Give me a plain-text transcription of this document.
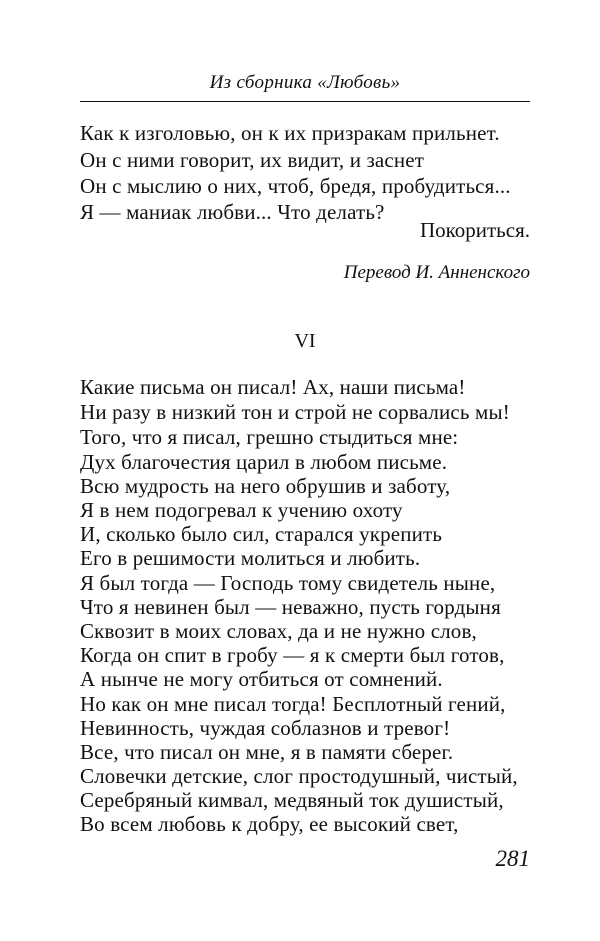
Из сборника «Любовь»
Как к изголовью, он к их призракам прильнет.
Он с ними говорит, их видит, и заснет
Он с мыслию о них, чтоб, бредя, пробудиться...
Я — маниак любви... Что делать?
Покориться.
Перевод И. Анненского
VI
Какие письма он писал! Ах, наши письма!
Ни разу в низкий тон и строй не сорвались мы!
Того, что я писал, грешно стыдиться мне:
Дух благочестия царил в любом письме.
Всю мудрость на него обрушив и заботу,
Я в нем подогревал к учению охоту
И, сколько было сил, старался укрепить
Его в решимости молиться и любить.
Я был тогда — Господь тому свидетель ныне,
Что я невинен был — неважно, пусть гордыня
Сквозит в моих словах, да и не нужно слов,
Когда он спит в гробу — я к смерти был готов,
А нынче не могу отбиться от сомнений.
Но как он мне писал тогда! Бесплотный гений,
Невинность, чуждая соблазнов и тревог!
Все, что писал он мне, я в памяти сберег.
Словечки детские, слог простодушный, чистый,
Серебряный кимвал, медвяный ток душистый,
Во всем любовь к добру, ее высокий свет,
281
